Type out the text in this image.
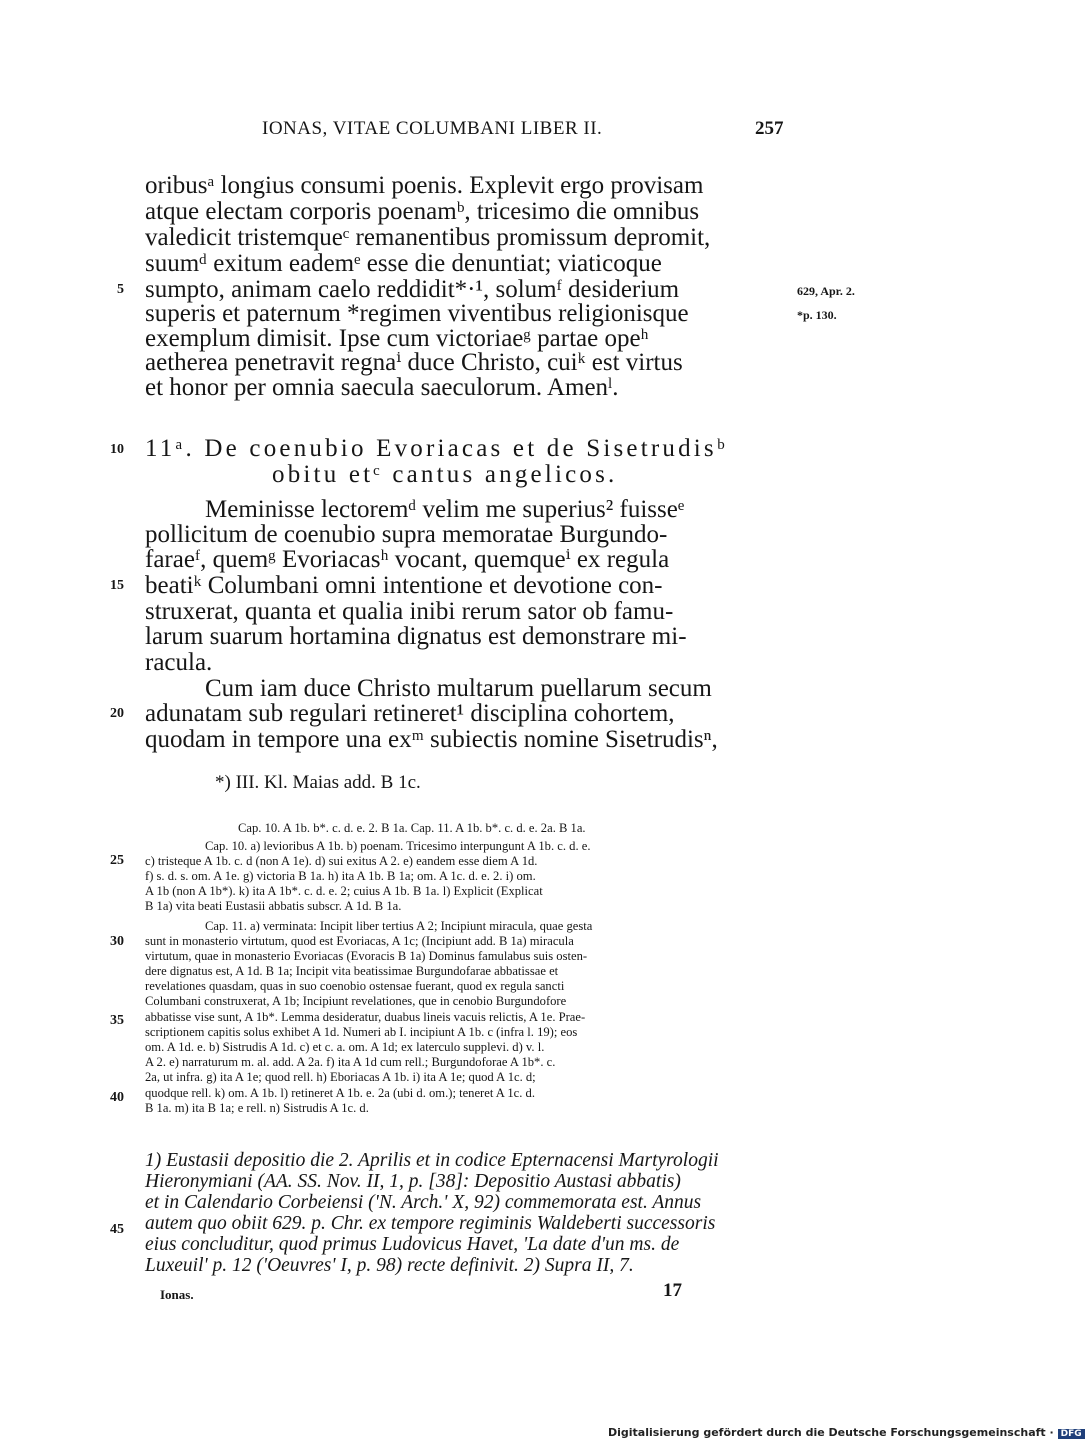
IONAS, VITAE COLUMBANI LIBER II.	257
oribusᵃ longius consumi poenis. Explevit ergo provisam
atque electam corporis poenamᵇ, tricesimo die omnibus
valedicit tristemqueᶜ remanentibus promissum depromit,
suumᵈ exitum eademᵉ esse die denuntiat; viaticoque
sumpto, animam caelo reddidit*·¹, solumᶠ desiderium
superis et paternum *regimen viventibus religionisque
exemplum dimisit. Ipse cum victoriaeᵍ partae opeʰ
aetherea penetravit regnaⁱ duce Christo, cuiᵏ est virtus
et honor per omnia saecula saeculorum. Amenˡ.
11ᵃ. De coenubio Evoriacas et de Sisetrudisᵇ
obitu etᶜ cantus angelicos.
Meminisse lectoremᵈ velim me superius² fuisseᵉ
pollicitum de coenubio supra memoratae Burgundo-
faraeᶠ, quemᵍ Evoriacasʰ vocant, quemqueⁱ ex regula
beatiᵏ Columbani omni intentione et devotione con-
struxerat, quanta et qualia inibi rerum sator ob famu-
larum suarum hortamina dignatus est demonstrare mi-
racula.
Cum iam duce Christo multarum puellarum secum
adunatam sub regulari retineret¹ disciplina cohortem,
quodam in tempore una exᵐ subiectis nomine Sisetrudisⁿ,
5
10
15
20
25
30
35
40
45
629, Apr. 2.
*p. 130.
*) III. Kl. Maias add. B 1c.
Cap. 10. A 1b. b*. c. d. e. 2. B 1a. Cap. 11. A 1b. b*. c. d. e. 2a. B 1a.
Cap. 10. a) levioribus A 1b. b) poenam. Tricesimo interpungunt A 1b. c. d. e.
c) tristeque A 1b. c. d (non A 1e). d) sui exitus A 2. e) eandem esse diem A 1d.
f) s. d. s. om. A 1e. g) victoria B 1a. h) ita A 1b. B 1a; om. A 1c. d. e. 2. i) om.
A 1b (non A 1b*). k) ita A 1b*. c. d. e. 2; cuius A 1b. B 1a. l) Explicit (Explicat
B 1a) vita beati Eustasii abbatis subscr. A 1d. B 1a.
Cap. 11. a) verminata: Incipit liber tertius A 2; Incipiunt miracula, quae gesta
sunt in monasterio virtutum, quod est Evoriacas, A 1c; (Incipiunt add. B 1a) miracula
virtutum, quae in monasterio Evoriacas (Evoracis B 1a) Dominus famulabus suis osten-
dere dignatus est, A 1d. B 1a; Incipit vita beatissimae Burgundofarae abbatissae et
revelationes quasdam, quas in suo coenobio ostensae fuerant, quod ex regula sancti
Columbani construxerat, A 1b; Incipiunt revelationes, que in cenobio Burgundofore
abbatisse vise sunt, A 1b*. Lemma desideratur, duabus lineis vacuis relictis, A 1e. Prae-
scriptionem capitis solus exhibet A 1d. Numeri ab I. incipiunt A 1b. c (infra l. 19); eos
om. A 1d. e. b) Sistrudis A 1d. c) et c. a. om. A 1d; ex laterculo supplevi. d) v. l.
A 2. e) narraturum m. al. add. A 2a. f) ita A 1d cum rell.; Burgundoforae A 1b*. c.
2a, ut infra. g) ita A 1e; quod rell. h) Eboriacas A 1b. i) ita A 1e; quod A 1c. d;
quodque rell. k) om. A 1b. l) retineret A 1b. e. 2a (ubi d. om.); teneret A 1c. d.
B 1a. m) ita B 1a; e rell. n) Sistrudis A 1c. d.
1) Eustasii depositio die 2. Aprilis et in codice Epternacensi Martyrologii
Hieronymiani (AA. SS. Nov. II, 1, p. [38]: Depositio Austasi abbatis)
et in Calendario Corbeiensi ('N. Arch.' X, 92) commemorata est. Annus
autem quo obiit 629. p. Chr. ex tempore regiminis Waldeberti successoris
eius concluditur, quod primus Ludovicus Havet, 'La date d'un ms. de
Luxeuil' p. 12 ('Oeuvres' I, p. 98) recte definivit. 2) Supra II, 7.
Ionas.	17
Digitalisierung gefördert durch die Deutsche Forschungsgemeinschaft · DFG
